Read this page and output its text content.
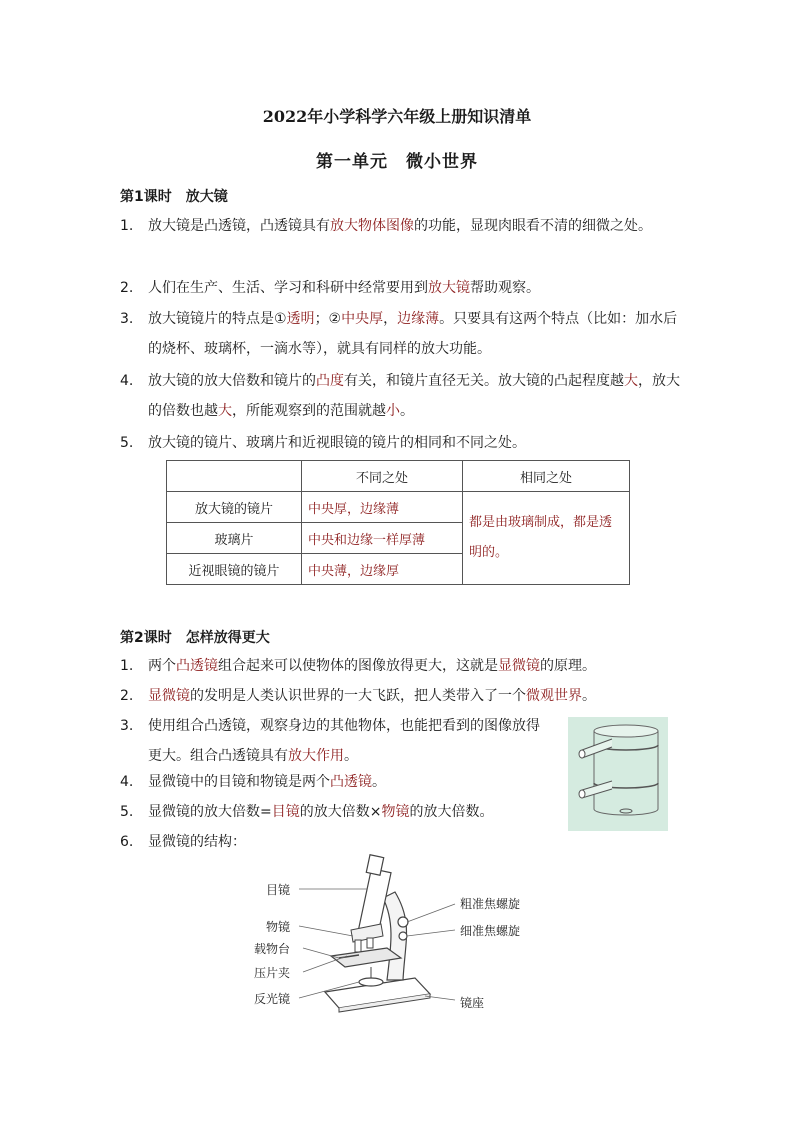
2022年小学科学六年级上册知识清单
第一单元　微小世界
第1课时　放大镜
1.	放大镜是凸透镜，凸透镜具有放大物体图像的功能，显现肉眼看不清的细微之处。
2.	人们在生产、生活、学习和科研中经常要用到放大镜帮助观察。
3.	放大镜镜片的特点是①透明；②中央厚，边缘薄。只要具有这两个特点（比如：加水后的烧杯、玻璃杯，一滴水等），就具有同样的放大功能。
4.	放大镜的放大倍数和镜片的凸度有关，和镜片直径无关。放大镜的凸起程度越大，放大的倍数也越大，所能观察到的范围就越小。
5.	放大镜的镜片、玻璃片和近视眼镜的镜片的相同和不同之处。
	不同之处	相同之处
放大镜的镜片	中央厚，边缘薄	都是由玻璃制成，都是透明的。
玻璃片	中央和边缘一样厚薄	
近视眼镜的镜片	中央薄，边缘厚	
第2课时　怎样放得更大
1.	两个凸透镜组合起来可以使物体的图像放得更大，这就是显微镜的原理。
2.	显微镜的发明是人类认识世界的一大飞跃，把人类带入了一个微观世界。
3.	使用组合凸透镜，观察身边的其他物体，也能把看到的图像放得更大。组合凸透镜具有放大作用。
4.	显微镜中的目镜和物镜是两个凸透镜。
5.	显微镜的放大倍数=目镜的放大倍数×物镜的放大倍数。
6.	显微镜的结构：
目镜
物镜
载物台
压片夹
反光镜
粗准焦螺旋
细准焦螺旋
镜座
